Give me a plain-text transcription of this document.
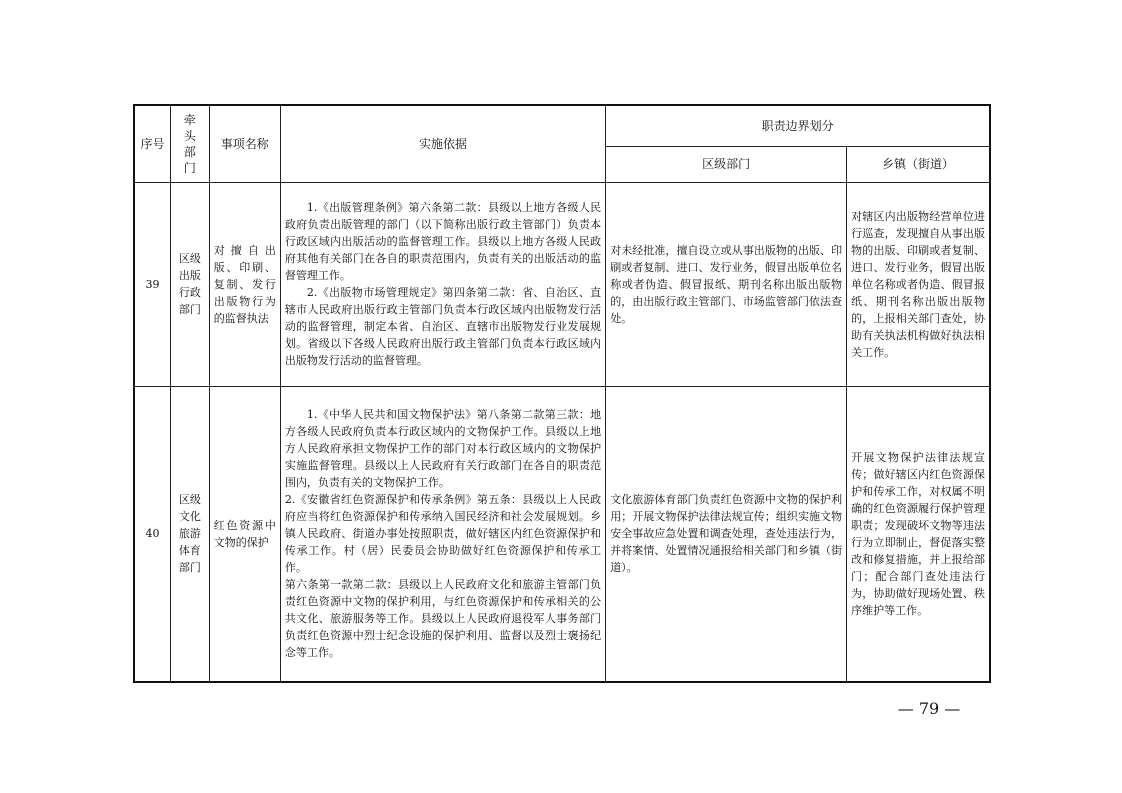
序号	牵头部门	事项名称	实施依据	职责边界划分	
				区级部门	乡镇（街道）
39	区级出版行政部门	对擅自出版、印刷、复制、发行出版物行为的监督执法	1.《出版管理条例》第六条第二款：县级以上地方各级人民政府负责出版管理的部门（以下简称出版行政主管部门）负责本行政区域内出版活动的监督管理工作。县级以上地方各级人民政府其他有关部门在各自的职责范围内，负责有关的出版活动的监督管理工作。
2.《出版物市场管理规定》第四条第二款：省、自治区、直辖市人民政府出版行政主管部门负责本行政区域内出版物发行活动的监督管理，制定本省、自治区、直辖市出版物发行业发展规划。省级以下各级人民政府出版行政主管部门负责本行政区域内出版物发行活动的监督管理。	对未经批准，擅自设立或从事出版物的出版、印刷或者复制、进口、发行业务，假冒出版单位名称或者伪造、假冒报纸、期刊名称出版出版物的，由出版行政主管部门、市场监管部门依法查处。	对辖区内出版物经营单位进行巡查，发现擅自从事出版物的出版、印刷或者复制、进口、发行业务，假冒出版单位名称或者伪造、假冒报纸、期刊名称出版出版物的，上报相关部门查处，协助有关执法机构做好执法相关工作。
40	区级文化旅游体育部门	红色资源中文物的保护	1.《中华人民共和国文物保护法》第八条第二款第三款：地方各级人民政府负责本行政区域内的文物保护工作。县级以上地方人民政府承担文物保护工作的部门对本行政区域内的文物保护实施监督管理。县级以上人民政府有关行政部门在各自的职责范围内，负责有关的文物保护工作。
2.《安徽省红色资源保护和传承条例》第五条：县级以上人民政府应当将红色资源保护和传承纳入国民经济和社会发展规划。乡镇人民政府、街道办事处按照职责，做好辖区内红色资源保护和传承工作。村（居）民委员会协助做好红色资源保护和传承工作。
第六条第一款第二款：县级以上人民政府文化和旅游主管部门负责红色资源中文物的保护利用，与红色资源保护和传承相关的公共文化、旅游服务等工作。县级以上人民政府退役军人事务部门负责红色资源中烈士纪念设施的保护利用、监督以及烈士褒扬纪念等工作。	文化旅游体育部门负责红色资源中文物的保护利用；开展文物保护法律法规宣传；组织实施文物安全事故应急处置和调查处理，查处违法行为，并将案情、处置情况通报给相关部门和乡镇（街道）。	开展文物保护法律法规宣传；做好辖区内红色资源保护和传承工作，对权属不明确的红色资源履行保护管理职责；发现破坏文物等违法行为立即制止，督促落实整改和修复措施，并上报给部门；配合部门查处违法行为，协助做好现场处置、秩序维护等工作。
— 79 —
